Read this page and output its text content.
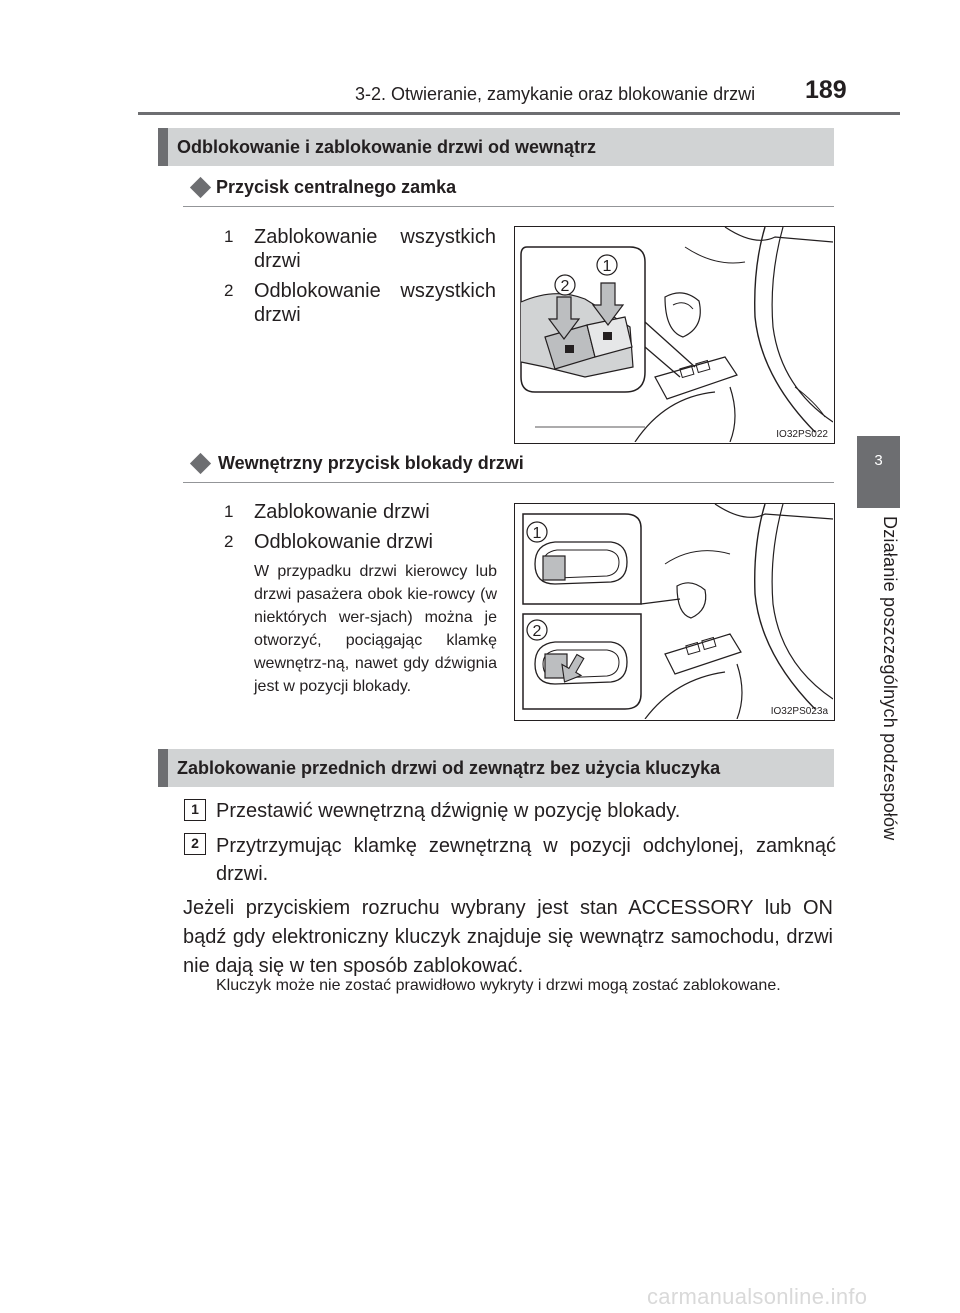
3-2. Otwieranie, zamykanie oraz blokowanie drzwi 189
3
Działanie poszczególnych podzespołów
Odblokowanie i zablokowanie drzwi od wewnątrz
Przycisk centralnego zamka
1 Zablokowanie wszystkich drzwi
2 Odblokowanie wszystkich drzwi
2
1
IO32PS022
Wewnętrzny przycisk blokady drzwi
1 Zablokowanie drzwi
2 Odblokowanie drzwi
W przypadku drzwi kierowcy lub drzwi pasażera obok kie-rowcy (w niektórych wer-sjach) można je otworzyć, pociągając klamkę wewnętrz-ną, nawet gdy dźwignia jest w pozycji blokady.
1
2
IO32PS023a
Zablokowanie przednich drzwi od zewnątrz bez użycia kluczyka
1 Przestawić wewnętrzną dźwignię w pozycję blokady.
2 Przytrzymując klamkę zewnętrzną w pozycji odchylonej, zamknąć drzwi.
Jeżeli przyciskiem rozruchu wybrany jest stan ACCESSORY lub ON bądź gdy elektroniczny kluczyk znajduje się wewnątrz samochodu, drzwi nie dają się w ten sposób zablokować.
Kluczyk może nie zostać prawidłowo wykryty i drzwi mogą zostać zablokowane.
carmanualsonline.info
